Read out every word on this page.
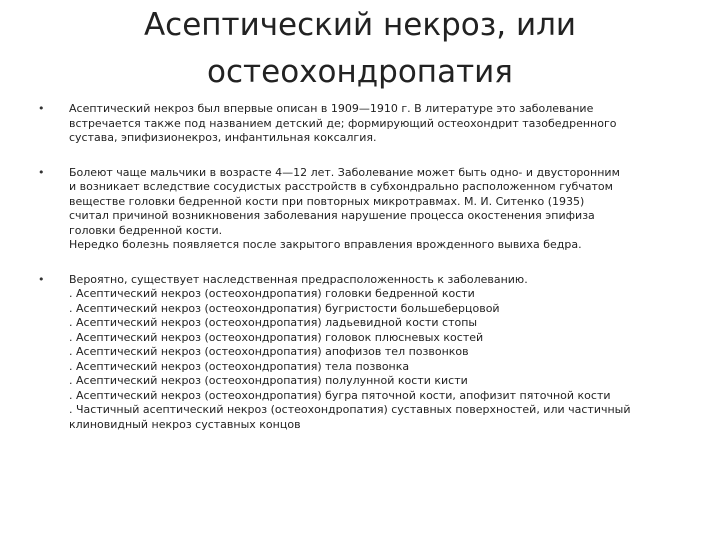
Асептический некроз, или
остеохондропатия
• Асептический некроз был впервые описан в 1909—1910 г. В литературе это заболевание
встречается также под названием детский де; формирующий остеохондрит тазобедренного
сустава, эпифизионекроз, инфантильная коксалгия.
• Болеют чаще мальчики в возрасте 4—12 лет. Заболевание может быть одно- и двусторонним
и возникает вследствие сосудистых расстройств в субхондрально расположенном губчатом
веществе головки бедренной кости при повторных микротравмах. М. И. Ситенко (1935)
считал причиной возникновения заболевания нарушение процесса окостенения эпифиза
головки бедренной кости.
Нередко болезнь появляется после закрытого вправления врожденного вывиха бедра.
• Вероятно, существует наследственная предрасположенность к заболеванию.
. Асептический некроз (остеохондропатия) головки бедренной кости
. Асептический некроз (остеохондропатия) бугристости большеберцовой
. Асептический некроз (остеохондропатия) ладьевидной кости стопы
. Асептический некроз (остеохондропатия) головок плюсневых костей
. Асептический некроз (остеохондропатия) апофизов тел позвонков
. Асептический некроз (остеохондропатия) тела позвонка
. Асептический некроз (остеохондропатия) полулунной кости кисти
. Асептический некроз (остеохондропатия) бугра пяточной кости, апофизит пяточной кости
. Частичный асептический некроз (остеохондропатия) суставных поверхностей, или частичный
клиновидный некроз суставных концов
